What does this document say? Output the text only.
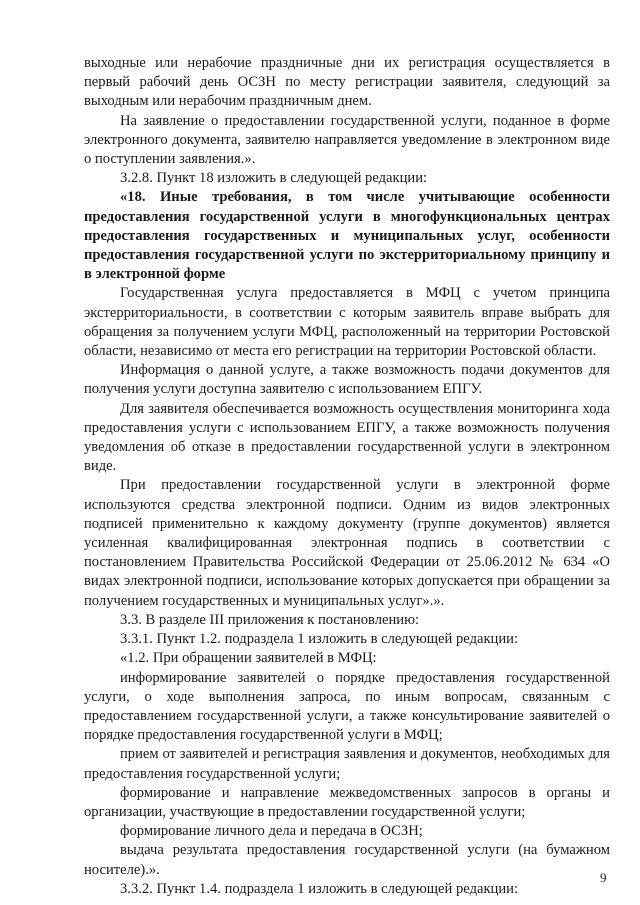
выходные или нерабочие праздничные дни их регистрация осуществляется в первый рабочий день ОСЗН по месту регистрации заявителя, следующий за выходным или нерабочим праздничным днем.

На заявление о предоставлении государственной услуги, поданное в форме электронного документа, заявителю направляется уведомление в электронном виде о поступлении заявления.».

3.2.8. Пункт 18 изложить в следующей редакции:

«18. Иные требования, в том числе учитывающие особенности предоставления государственной услуги в многофункциональных центрах предоставления государственных и муниципальных услуг, особенности предоставления государственной услуги по экстерриториальному принципу и в электронной форме

Государственная услуга предоставляется в МФЦ с учетом принципа экстерриториальности, в соответствии с которым заявитель вправе выбрать для обращения за получением услуги МФЦ, расположенный на территории Ростовской области, независимо от места его регистрации на территории Ростовской области.

Информация о данной услуге, а также возможность подачи документов для получения услуги доступна заявителю с использованием ЕПГУ.

Для заявителя обеспечивается возможность осуществления мониторинга хода предоставления услуги с использованием ЕПГУ, а также возможность получения уведомления об отказе в предоставлении государственной услуги в электронном виде.

При предоставлении государственной услуги в электронной форме используются средства электронной подписи. Одним из видов электронных подписей применительно к каждому документу (группе документов) является усиленная квалифицированная электронная подпись в соответствии с постановлением Правительства Российской Федерации от 25.06.2012 № 634 «О видах электронной подписи, использование которых допускается при обращении за получением государственных и муниципальных услуг».».

3.3. В разделе III приложения к постановлению:

3.3.1. Пункт 1.2. подраздела 1 изложить в следующей редакции:

«1.2. При обращении заявителей в МФЦ:

информирование заявителей о порядке предоставления государственной услуги, о ходе выполнения запроса, по иным вопросам, связанным с предоставлением государственной услуги, а также консультирование заявителей о порядке предоставления государственной услуги в МФЦ;

прием от заявителей и регистрация заявления и документов, необходимых для предоставления государственной услуги;

формирование и направление межведомственных запросов в органы и организации, участвующие в предоставлении государственной услуги;

формирование личного дела и передача в ОСЗН;

выдача результата предоставления государственной услуги (на бумажном носителе).».

3.3.2. Пункт 1.4. подраздела 1 изложить в следующей редакции:

9
